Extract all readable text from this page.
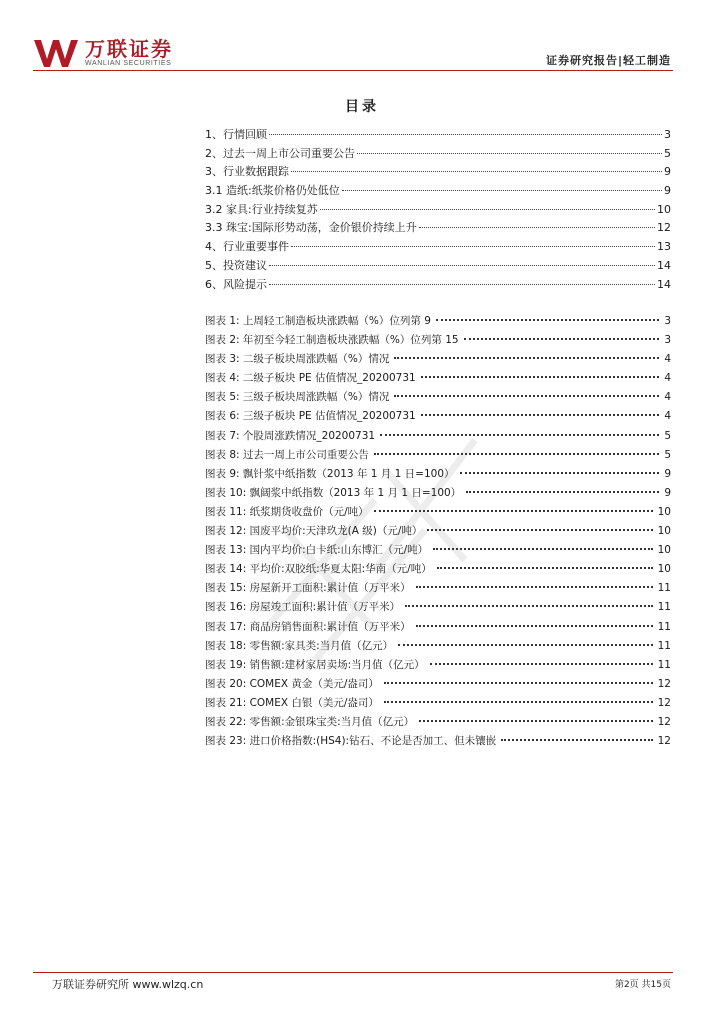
万联证券
WANLIAN SECURITIES	证券研究报告|轻工制造
目录
1、行情回顾	3
2、过去一周上市公司重要公告	5
3、行业数据跟踪	9
3.1 造纸:纸浆价格仍处低位	9
3.2 家具:行业持续复苏	10
3.3 珠宝:国际形势动荡，金价银价持续上升	12
4、行业重要事件	13
5、投资建议	14
6、风险提示	14
图表 1: 上周轻工制造板块涨跌幅（%）位列第 9	3
图表 2: 年初至今轻工制造板块涨跌幅（%）位列第 15	3
图表 3: 二级子板块周涨跌幅（%）情况	4
图表 4: 二级子板块 PE 估值情况_20200731	4
图表 5: 三级子板块周涨跌幅（%）情况	4
图表 6: 三级子板块 PE 估值情况_20200731	4
图表 7: 个股周涨跌情况_20200731	5
图表 8: 过去一周上市公司重要公告	5
图表 9: 飘针浆中纸指数（2013 年 1 月 1 日=100）	9
图表 10: 飘阔浆中纸指数（2013 年 1 月 1 日=100）	9
图表 11: 纸浆期货收盘价（元/吨）	10
图表 12: 国废平均价:天津玖龙(A 级)（元/吨）	10
图表 13: 国内平均价:白卡纸:山东博汇（元/吨）	10
图表 14: 平均价:双胶纸:华夏太阳:华南（元/吨）	10
图表 15: 房屋新开工面积:累计值（万平米）	11
图表 16: 房屋竣工面积:累计值（万平米）	11
图表 17: 商品房销售面积:累计值（万平米）	11
图表 18: 零售额:家具类:当月值（亿元）	11
图表 19: 销售额:建材家居卖场:当月值（亿元）	11
图表 20: COMEX 黄金（美元/盎司）	12
图表 21: COMEX 白银（美元/盎司）	12
图表 22: 零售额:金银珠宝类:当月值（亿元）	12
图表 23: 进口价格指数:(HS4):钻石、不论是否加工、但未镶嵌	12
万联证券研究所 www.wlzq.cn	第2页 共15页
